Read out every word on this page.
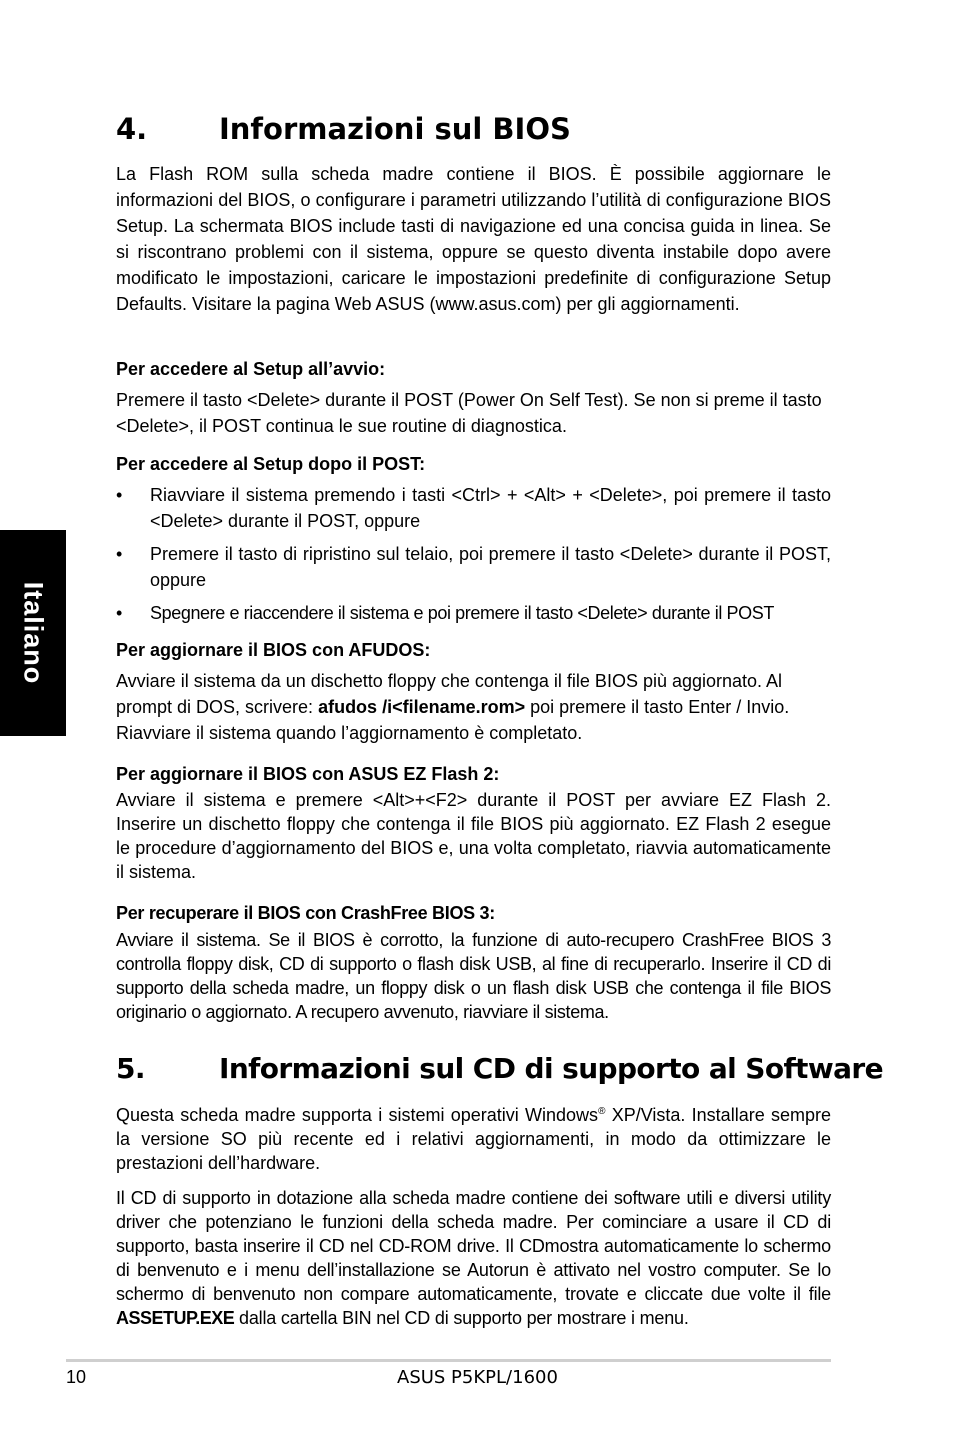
Italiano
4. Informazioni sul BIOS

La Flash ROM sulla scheda madre contiene il BIOS. È possibile aggiornare le informazioni del BIOS, o configurare i parametri utilizzando l’utilità di configurazione BIOS Setup. La schermata BIOS include tasti di navigazione ed una concisa guida in linea. Se si riscontrano problemi con il sistema, oppure se questo diventa instabile dopo avere modificato le impostazioni, caricare le impostazioni predefinite di configurazione Setup Defaults. Visitare la pagina Web ASUS (www.asus.com) per gli aggiornamenti.

Per accedere al Setup all’avvio:

Premere il tasto <Delete> durante il POST (Power On Self Test). Se non si preme il tasto <Delete>, il POST continua le sue routine di diagnostica.

Per accedere al Setup dopo il POST:

• Riavviare il sistema premendo i tasti <Ctrl> + <Alt> + <Delete>, poi premere il tasto <Delete> durante il POST, oppure
• Premere il tasto di ripristino sul telaio, poi premere il tasto <Delete> durante il POST, oppure
• Spegnere e riaccendere il sistema e poi premere il tasto <Delete> durante il POST

Per aggiornare il BIOS con AFUDOS:

Avviare il sistema da un dischetto floppy che contenga il file BIOS più aggiornato. Al prompt di DOS, scrivere: afudos /i<filename.rom> poi premere il tasto Enter / Invio. Riavviare il sistema quando l’aggiornamento è completato.

Per aggiornare il BIOS con ASUS EZ Flash 2:

Avviare il sistema e premere <Alt>+<F2> durante il POST per avviare EZ Flash 2. Inserire un dischetto floppy che contenga il file BIOS più aggiornato. EZ Flash 2 esegue le procedure d’aggiornamento del BIOS e, una volta completato, riavvia automaticamente il sistema.

Per recuperare il BIOS con CrashFree BIOS 3:

Avviare il sistema. Se il BIOS è corrotto, la funzione di auto-recupero CrashFree BIOS 3 controlla floppy disk, CD di supporto o flash disk USB, al fine di recuperarlo. Inserire il CD di supporto della scheda madre, un floppy disk o un flash disk USB che contenga il file BIOS originario o aggiornato. A recupero avvenuto, riavviare il sistema.

5.	Informazioni sul CD di supporto al Software

Questa scheda madre supporta i sistemi operativi Windows® XP/Vista. Installare sempre la versione SO più recente ed i relativi aggiornamenti, in modo da ottimizzare le prestazioni dell’hardware.

Il CD di supporto in dotazione alla scheda madre contiene dei software utili e diversi utility driver che potenziano le funzioni della scheda madre. Per cominciare a usare il CD di supporto, basta inserire il CD nel CD-ROM drive. Il CDmostra automaticamente lo schermo di benvenuto e i menu dell’installazione se Autorun è attivato nel vostro computer. Se lo schermo di benvenuto non compare automaticamente, trovate e cliccate due volte il file ASSETUP.EXE dalla cartella BIN nel CD di supporto per mostrare i menu.

10	ASUS P5KPL/1600
